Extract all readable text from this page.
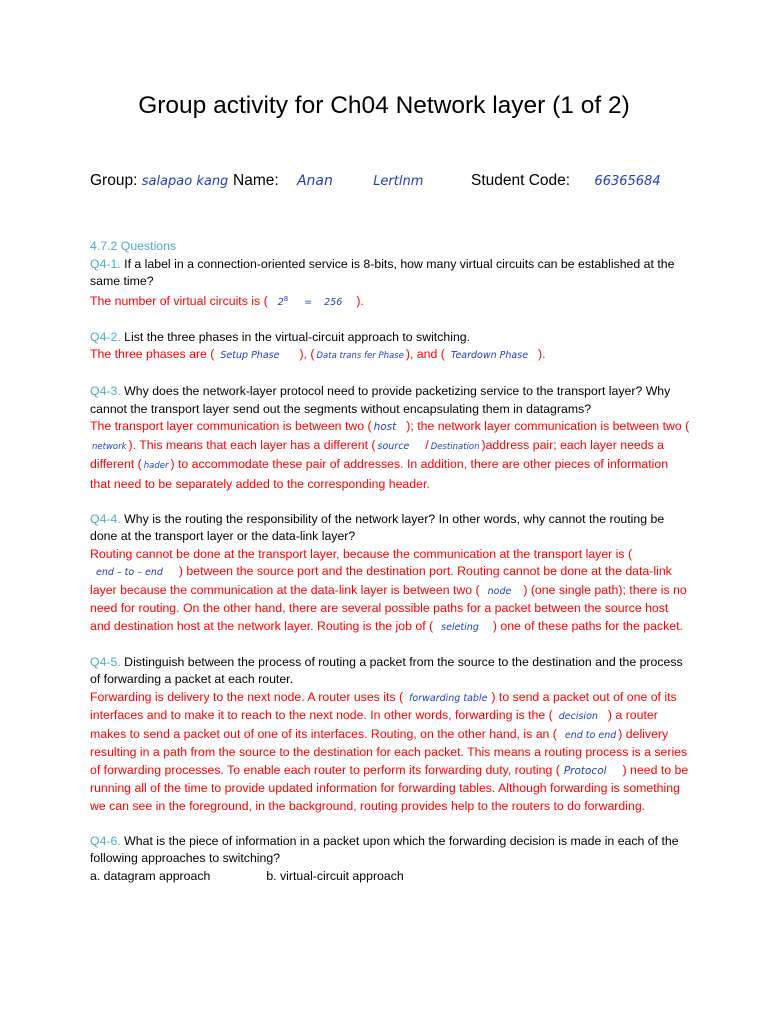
Group activity for Ch04 Network layer (1 of 2)
Group: salapao kang Name: Anan	Lertlnm	Student Code: 66365684

4.7.2 Questions

Q4-1. If a label in a connection-oriented service is 8-bits, how many virtual circuits can be established at the same time?

The number of virtual circuits is ( $2^8 = 256$ ).

Q4-2. List the three phases in the virtual-circuit approach to switching.

The three phases are ( Setup Phase ), ( Data trans fer Phase ), and ( Teardown Phase ).

Q4-3. Why does the network-layer protocol need to provide packetizing service to the transport layer? Why cannot the transport layer send out the segments without encapsulating them in datagrams?

The transport layer communication is between two ( host ); the network layer communication is between two (network ). This means that each layer has a different ( source / Destination )address pair; each layer needs a different ( hader ) to accommodate these pair of addresses. In addition, there are other pieces of information that need to be separately added to the corresponding header.

Q4-4. Why is the routing the responsibility of the network layer? In other words, why cannot the routing be done at the transport layer or the data-link layer?

Routing cannot be done at the transport layer, because the communication at the transport layer is (end – to – end ) between the source port and the destination port. Routing cannot be done at the data-link layer because the communication at the data-link layer is between two ( node ) (one single path); there is no need for routing. On the other hand, there are several possible paths for a packet between the source host and destination host at the network layer. Routing is the job of ( seleting ) one of these paths for the packet.

Q4-5. Distinguish between the process of routing a packet from the source to the destination and the process of forwarding a packet at each router.

Forwarding is delivery to the next node. A router uses its ( forwarding table ) to send a packet out of one of its interfaces and to make it to reach to the next node. In other words, forwarding is the ( decision ) a router makes to send a packet out of one of its interfaces. Routing, on the other hand, is an ( end to end ) delivery resulting in a path from the source to the destination for each packet. This means a routing process is a series of forwarding processes. To enable each router to perform its forwarding duty, routing ( Protocol ) need to be running all of the time to provide updated information for forwarding tables. Although forwarding is something we can see in the foreground, in the background, routing provides help to the routers to do forwarding.

Q4-6. What is the piece of information in a packet upon which the forwarding decision is made in each of the following approaches to switching?

a. datagram approach	b. virtual-circuit approach
